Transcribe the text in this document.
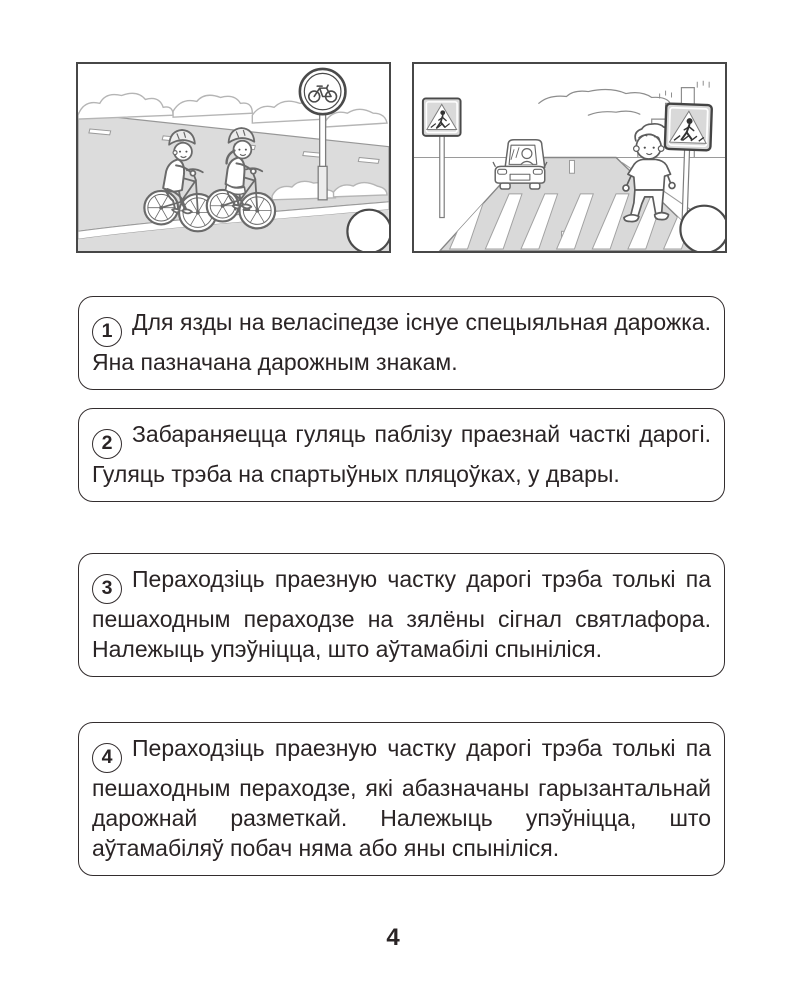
1 Для язды на веласіпедзе існуе спецыяльная дарожка. Яна пазначана дарожным знакам.

2 Забараняецца гуляць паблізу праезнай часткі дарогі. Гуляць трэба на спартыўных пляцоўках, у двары.

3 Пераходзіць праезную частку дарогі трэба толькі па пешаходным пераходзе на зялёны сігнал святлафора. Належыць упэўніцца, што аўтамабілі спыніліся.

4 Пераходзіць праезную частку дарогі трэба толькі па пешаходным пераходзе, які абазначаны гарызантальнай дарожнай разметкай. Належыць упэўніцца, што аўтамабіляў побач няма або яны спыніліся.

4
